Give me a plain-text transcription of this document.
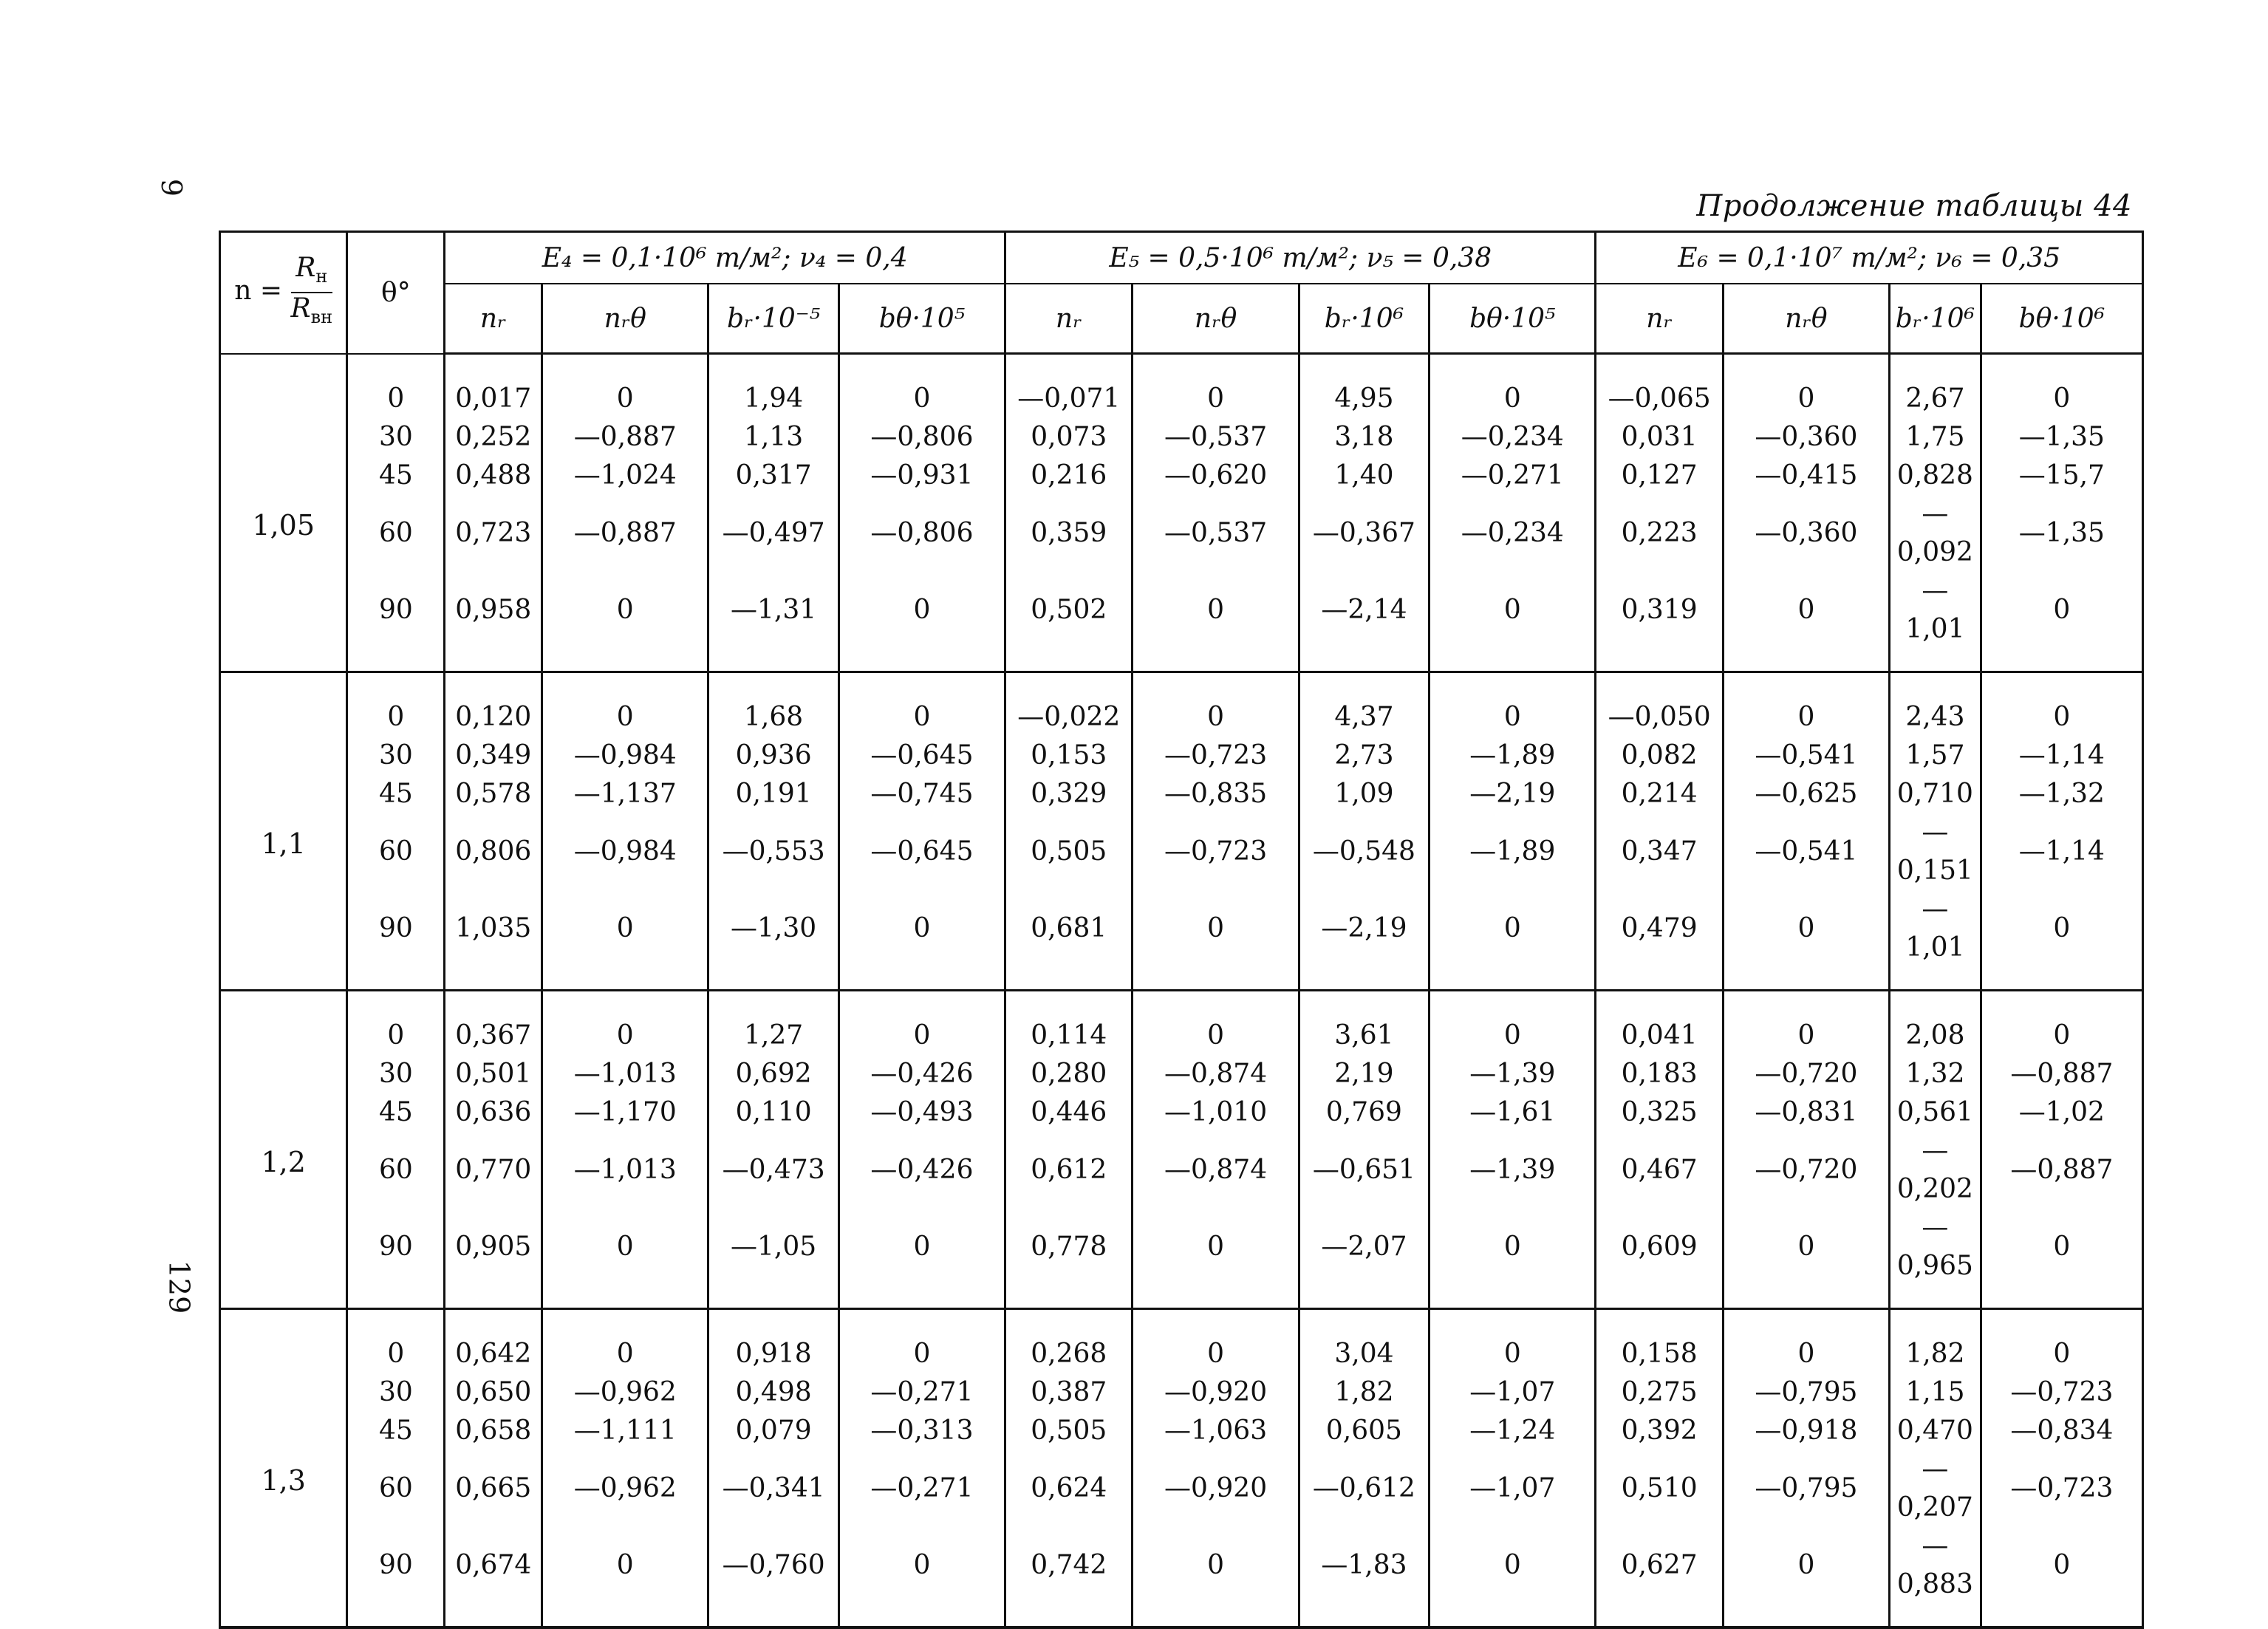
9
129
Продолжение таблицы 44
$n = \frac{R_н}{R_{вн}}$	θ°	E₄ = 0,1·10⁶ т/м²; ν₄ = 0,4				E₅ = 0,5·10⁶ т/м²; ν₅ = 0,38				E₆ = 0,1·10⁷ т/м²; ν₆ = 0,35			
		nᵣ	nᵣθ	bᵣ·10⁻⁵	bθ·10⁵	nᵣ	nᵣθ	bᵣ·10⁶	bθ·10⁵	nᵣ	nᵣθ	bᵣ·10⁶	bθ·10⁶
1,05	0	0,017	0	1,94	0	—0,071	0	4,95	0	—0,065	0	2,67	0
	30	0,252	—0,887	1,13	—0,806	0,073	—0,537	3,18	—0,234	0,031	—0,360	1,75	—1,35
	45	0,488	—1,024	0,317	—0,931	0,216	—0,620	1,40	—0,271	0,127	—0,415	0,828	—15,7
	60	0,723	—0,887	—0,497	—0,806	0,359	—0,537	—0,367	—0,234	0,223	—0,360	—0,092	—1,35
	90	0,958	0	—1,31	0	0,502	0	—2,14	0	0,319	0	—1,01	0
1,1	0	0,120	0	1,68	0	—0,022	0	4,37	0	—0,050	0	2,43	0
	30	0,349	—0,984	0,936	—0,645	0,153	—0,723	2,73	—1,89	0,082	—0,541	1,57	—1,14
	45	0,578	—1,137	0,191	—0,745	0,329	—0,835	1,09	—2,19	0,214	—0,625	0,710	—1,32
	60	0,806	—0,984	—0,553	—0,645	0,505	—0,723	—0,548	—1,89	0,347	—0,541	—0,151	—1,14
	90	1,035	0	—1,30	0	0,681	0	—2,19	0	0,479	0	—1,01	0
1,2	0	0,367	0	1,27	0	0,114	0	3,61	0	0,041	0	2,08	0
	30	0,501	—1,013	0,692	—0,426	0,280	—0,874	2,19	—1,39	0,183	—0,720	1,32	—0,887
	45	0,636	—1,170	0,110	—0,493	0,446	—1,010	0,769	—1,61	0,325	—0,831	0,561	—1,02
	60	0,770	—1,013	—0,473	—0,426	0,612	—0,874	—0,651	—1,39	0,467	—0,720	—0,202	—0,887
	90	0,905	0	—1,05	0	0,778	0	—2,07	0	0,609	0	—0,965	0
1,3	0	0,642	0	0,918	0	0,268	0	3,04	0	0,158	0	1,82	0
	30	0,650	—0,962	0,498	—0,271	0,387	—0,920	1,82	—1,07	0,275	—0,795	1,15	—0,723
	45	0,658	—1,111	0,079	—0,313	0,505	—1,063	0,605	—1,24	0,392	—0,918	0,470	—0,834
	60	0,665	—0,962	—0,341	—0,271	0,624	—0,920	—0,612	—1,07	0,510	—0,795	—0,207	—0,723
	90	0,674	0	—0,760	0	0,742	0	—1,83	0	0,627	0	—0,883	0
